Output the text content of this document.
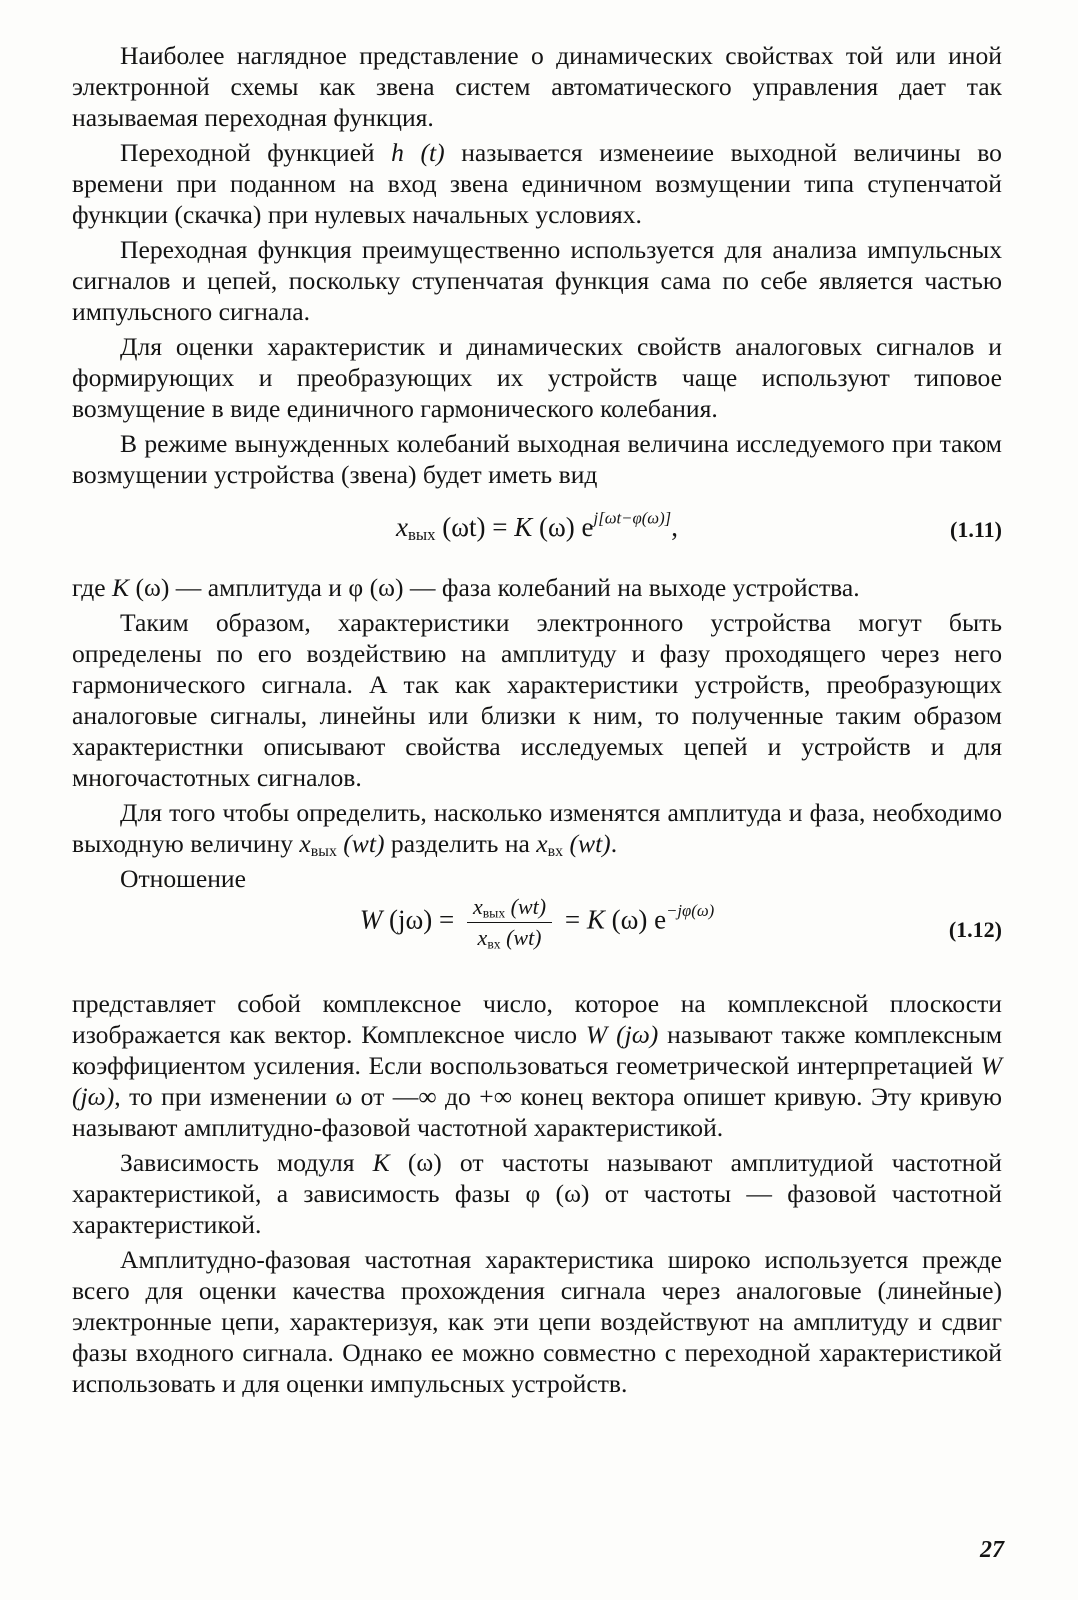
Наиболее наглядное представление о динамических свойствах той или иной электронной схемы как звена систем автоматического управления дает так называемая переходная функция.

Переходной функцией h (t) называется изменеиие выходной величины во времени при поданном на вход звена единичном возмущении типа ступенчатой функции (скачка) при нулевых начальных условиях.

Переходная функция преимущественно используется для анализа импульсных сигналов и цепей, поскольку ступенчатая функция сама по себе является частью импульсного сигнала.

Для оценки характеристик и динамических свойств аналоговых сигналов и формирующих и преобразующих их устройств чаще используют типовое возмущение в виде единичного гармонического колебания.

В режиме вынужденных колебаний выходная величина исследуемого при таком возмущении устройства (звена) будет иметь вид

$x_{вых}$ (ωt) = K (ω) $e^{j[\omega t-\varphi(\omega)]}$,	(1.11)

где K (ω) — амплитуда и φ (ω) — фаза колебаний на выходе устройства.

Таким образом, характеристики электронного устройства могут быть определены по его воздействию на амплитуду и фазу проходящего через него гармонического сигнала. А так как характеристики устройств, преобразующих аналоговые сигналы, линейны или близки к ним, то полученные таким образом характеристнки описывают свойства исследуемых цепей и устройств и для многочастотных сигналов.

Для того чтобы определить, насколько изменятся амплитуда и фаза, необходимо выходную величину $x_{вых}$ (wt) разделить на $x_{вх}$ (wt).

Отношение

W $(j\omega) = \frac{x_{вых} (wt)}{x_{вх} (wt)} = K$ (ω) $e^{-j\varphi(\omega)}$
(1.12)

представляет собой комплексное число, которое на комплексной плоскости изображается как вектор. Комплексное число W (jω) называют также комплексным коэффициентом усиления. Если воспользоваться геометрической интерпретацией W (jω), то при изменении ω от —∞ до +∞ конец вектора опишет кривую. Эту кривую называют амплитудно-фазовой частотной характеристикой.

Зависимость модуля K (ω) от частоты называют амплитудиой частотной характеристикой, а зависимость фазы φ (ω) от частоты — фазовой частотной характеристикой.

Амплитудно-фазовая частотная характеристика широко используется прежде всего для оценки качества прохождения сигнала через аналоговые (линейные) электронные цепи, характеризуя, как эти цепи воздействуют на амплитуду и сдвиг фазы входного сигнала. Однако ее можно совместно с переходной характеристикой использовать и для оценки импульсных устройств.

27
